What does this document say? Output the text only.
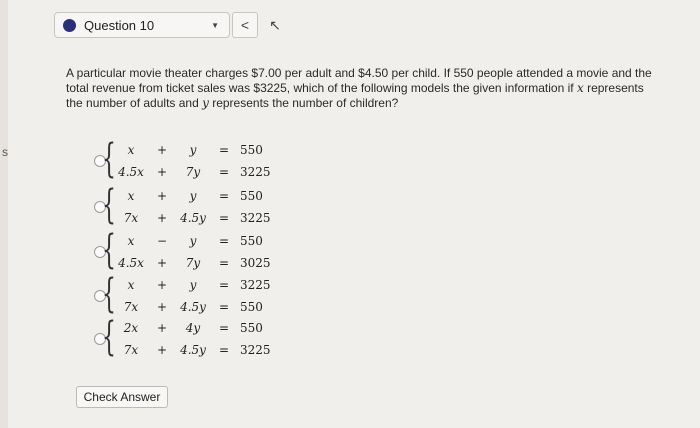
s
Question 10	▼ < ↖
A particular movie theater charges $7.00 per adult and $4.50 per child. If 550 people attended a movie and the total revenue from ticket sales was $3225, which of the following models the given information if x represents the number of adults and y represents the number of children?
{ x	+	y	= 550
4.5x	+	7y	= 3225
{ x	+	y	= 550
7x	+	4.5y	= 3225
{ x	−	y	= 550
4.5x	+	7y	= 3025
{ x	+	y	= 3225
7x	+	4.5y	= 550
{ 2x	+	4y	= 550
7x	+	4.5y	= 3225
Check Answer
